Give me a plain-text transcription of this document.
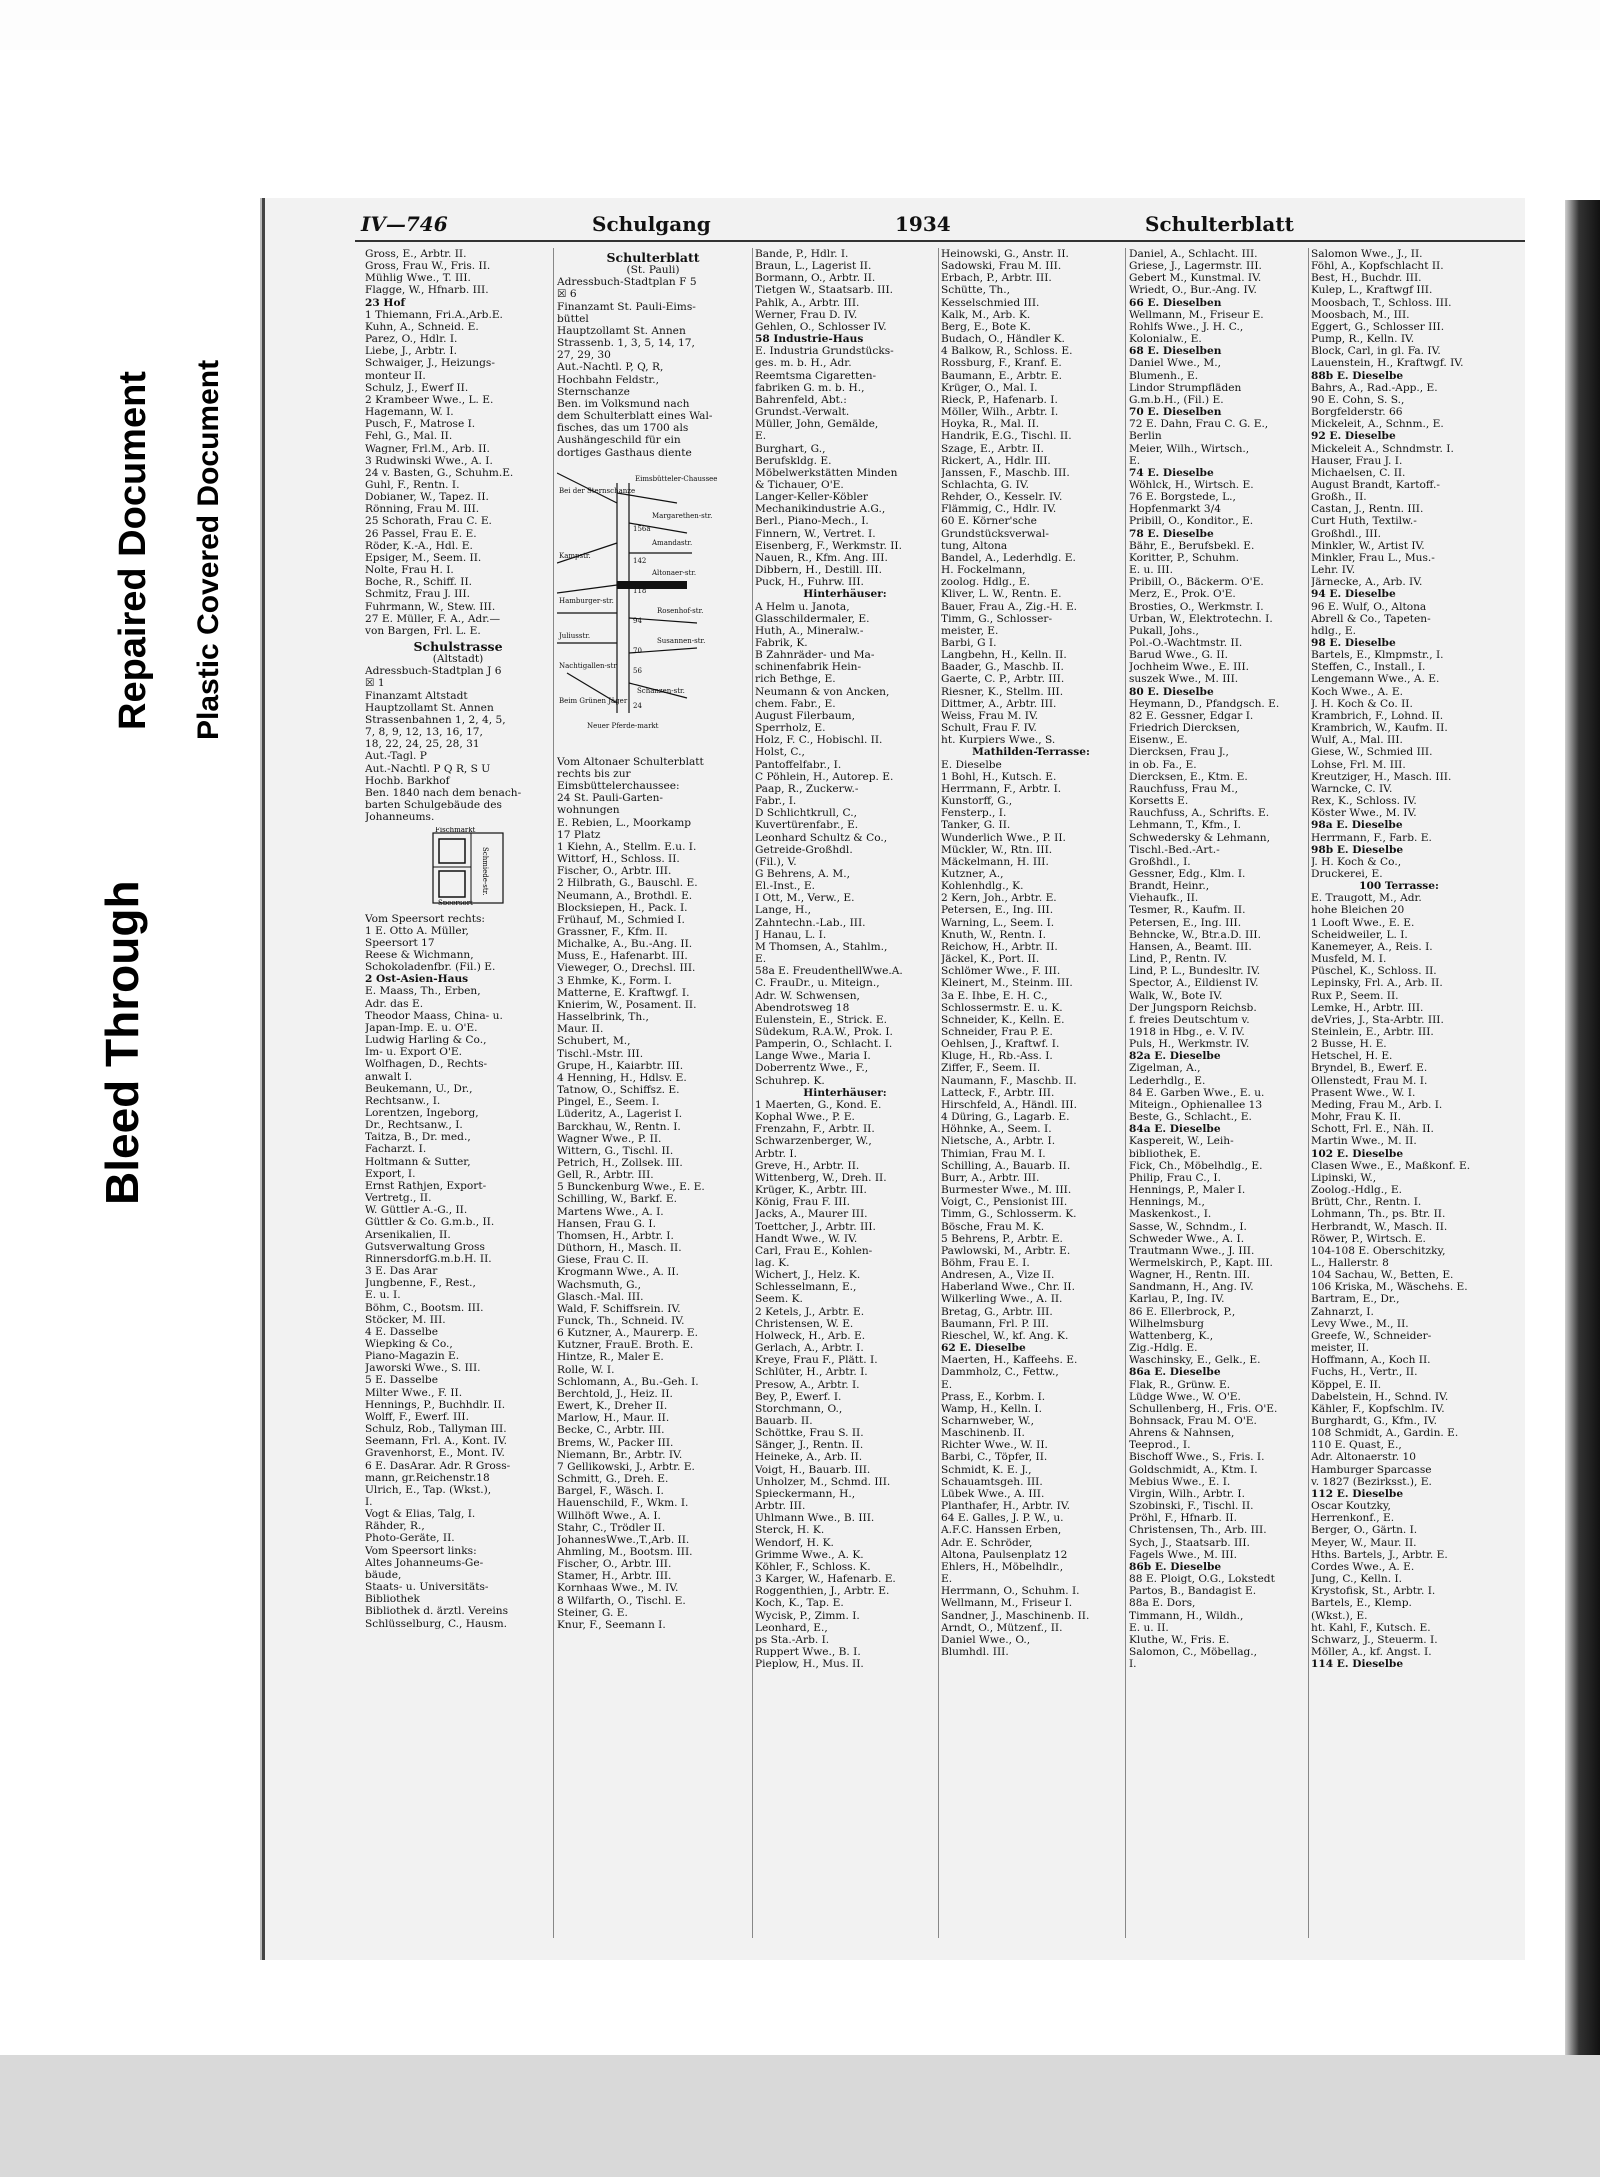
Bleed Through
Repaired Document Plastic Covered Document
IV—746	Schulgang	1934	Schulterblatt
Gross, E., Arbtr. II.
Gross, Frau W., Fris. II.
Mühlig Wwe., T. III.
Flagge, W., Hfnarb. III.
23 Hof
1 Thiemann, Fri.A.,Arb.E.
Kuhn, A., Schneid. E.
Parez, O., Hdlr. I.
Liebe, J., Arbtr. I.
Schwaiger, J., Heizungs-
monteur II.
Schulz, J., Ewerf II.
2 Krambeer Wwe., L. E.
Hagemann, W. I.
Pusch, F., Matrose I.
Fehl, G., Mal. II.
Wagner, Frl.M., Arb. II.
3 Rudwinski Wwe., A. I.
24 v. Basten, G., Schuhm.E.
Guhl, F., Rentn. I.
Dobianer, W., Tapez. II.
Rönning, Frau M. III.
25 Schorath, Frau C. E.
26 Passel, Frau E. E.
Röder, K.-A., Hdl. E.
Epsiger, M., Seem. II.
Nolte, Frau H. I.
Boche, R., Schiff. II.
Schmitz, Frau J. III.
Fuhrmann, W., Stew. III.
27 E. Müller, F. A., Adr.—
von Bargen, Frl. L. E.
Schulstrasse
(Altstadt)
Adressbuch-Stadtplan J 6
☒ 1
Finanzamt Altstadt
Hauptzollamt St. Annen
Strassenbahnen 1, 2, 4, 5,
7, 8, 9, 12, 13, 16, 17,
18, 22, 24, 25, 28, 31
Aut.-Tagl. P
Aut.-Nachtl. P Q R, S U
Hochb. Barkhof
Ben. 1840 nach dem benach-
barten Schulgebäude des
Johanneums.
Fischmarkt
Schmiede-str.
Speersort
Vom Speersort rechts:
1 E. Otto A. Müller,
Speersort 17
Reese & Wichmann,
Schokoladenfbr. (Fil.) E.
2 Ost-Asien-Haus
E. Maass, Th., Erben,
Adr. das E.
Theodor Maass, China- u.
Japan-Imp. E. u. O'E.
Ludwig Harling & Co.,
Im- u. Export O'E.
Wolfhagen, D., Rechts-
anwalt I.
Beukemann, U., Dr.,
Rechtsanw., I.
Lorentzen, Ingeborg,
Dr., Rechtsanw., I.
Taitza, B., Dr. med.,
Facharzt. I.
Holtmann & Sutter,
Export, I.
Ernst Rathjen, Export-
Vertretg., II.
W. Güttler A.-G., II.
Güttler & Co. G.m.b., II.
Arsenikalien, II.
Gutsverwaltung Gross
RinnersdorfG.m.b.H. II.
3 E. Das Arar
Jungbenne, F., Rest.,
E. u. I.
Böhm, C., Bootsm. III.
Stöcker, M. III.
4 E. Dasselbe
Wiepking & Co.,
Piano-Magazin E.
Jaworski Wwe., S. III.
5 E. Dasselbe
Milter Wwe., F. II.
Hennings, P., Buchhdlr. II.
Wolff, F., Ewerf. III.
Schulz, Rob., Tallyman III.
Seemann, Frl. A., Kont. IV.
Gravenhorst, E., Mont. IV.
6 E. DasArar. Adr. R Gross-
mann, gr.Reichenstr.18
Ulrich, E., Tap. (Wkst.),
I.
Vogt & Elias, Talg, I.
Rähder, R.,
Photo-Geräte, II.
Vom Speersort links:
Altes Johanneums-Ge-
bäude,
Staats- u. Universitäts-
Bibliothek
Bibliothek d. ärztl. Vereins
Schlüsselburg, C., Hausm.
Schulterblatt
(St. Pauli)
Adressbuch-Stadtplan F 5
☒ 6
Finanzamt St. Pauli-Eims-
büttel
Hauptzollamt St. Annen
Strassenb. 1, 3, 5, 14, 17,
27, 29, 30
Aut.-Nachtl. P, Q, R,
Hochbahn Feldstr.,
Sternschanze
Ben. im Volksmund nach
dem Schulterblatt eines Wal-
fisches, das um 1700 als
Aushängeschild für ein
dortiges Gasthaus diente
Eimsbütteler-Chaussee
Margarethen-str.
Amandastr.
Altonaer-str.
Rosenhof-str.
Susannen-str.
Juliusstr.
Nachtigallen-str.
Schanzen-str.
Neuer Pferde-markt
Bei der Sternschanze
Kampstr.
156a
142
118
94
70
56
24
Hamburger-str.
Beim Grünen Jäger
Vom Altonaer Schulterblatt
rechts bis zur
Eimsbüttelerchaussee:
24 St. Pauli-Garten-
wohnungen
E. Rebien, L., Moorkamp
17 Platz
1 Kiehn, A., Stellm. E.u. I.
Wittorf, H., Schloss. II.
Fischer, O., Arbtr. III.
2 Hilbrath, G., Bauschl. E.
Neumann, A., Brothdl. E.
Blocksiepen, H., Pack. I.
Frühauf, M., Schmied I.
Grassner, F., Kfm. II.
Michalke, A., Bu.-Ang. II.
Muss, E., Hafenarbt. III.
Vieweger, O., Drechsl. III.
3 Ehmke, K., Form. I.
Matterne, E. Kraftwgf. I.
Knierim, W., Posament. II.
Hasselbrink, Th.,
Maur. II.
Schubert, M.,
Tischl.-Mstr. III.
Grupe, H., Kaiarbtr. III.
4 Henning, H., Hdlsv. E.
Tatnow, O., Schiffsz. E.
Pingel, E., Seem. I.
Lüderitz, A., Lagerist I.
Barckhau, W., Rentn. I.
Wagner Wwe., P. II.
Wittern, G., Tischl. II.
Petrich, H., Zollsek. III.
Gell, R., Arbtr. III.
5 Bunckenburg Wwe., E. E.
Schilling, W., Barkf. E.
Martens Wwe., A. I.
Hansen, Frau G. I.
Thomsen, H., Arbtr. I.
Düthorn, H., Masch. II.
Giese, Frau C. II.
Krogmann Wwe., A. II.
Wachsmuth, G.,
Glasch.-Mal. III.
Wald, F. Schiffsrein. IV.
Funck, Th., Schneid. IV.
6 Kutzner, A., Maurerp. E.
Kutzner, FrauE. Broth. E.
Hintze, R., Maler E.
Rolle, W. I.
Schlomann, A., Bu.-Geh. I.
Berchtold, J., Heiz. II.
Ewert, K., Dreher II.
Marlow, H., Maur. II.
Becke, C., Arbtr. III.
Brems, W., Packer III.
Niemann, Br., Arbtr. IV.
7 Gellikowski, J., Arbtr. E.
Schmitt, G., Dreh. E.
Bargel, F., Wäsch. I.
Hauenschild, F., Wkm. I.
Willhöft Wwe., A. I.
Stahr, C., Trödler II.
JohannesWwe.,T.,Arb. II.
Ahmling, M., Bootsm. III.
Fischer, O., Arbtr. III.
Stamer, H., Arbtr. III.
Kornhaas Wwe., M. IV.
8 Wilfarth, O., Tischl. E.
Steiner, G. E.
Knur, F., Seemann I.
Bande, P., Hdlr. I.
Braun, L., Lagerist II.
Bormann, O., Arbtr. II.
Tietgen W., Staatsarb. III.
Pahlk, A., Arbtr. III.
Werner, Frau D. IV.
Gehlen, O., Schlosser IV.
58 Industrie-Haus
E. Industria Grundstücks-
ges. m. b. H., Adr.
Reemtsma Cigaretten-
fabriken G. m. b. H.,
Bahrenfeld, Abt.:
Grundst.-Verwalt.
Müller, John, Gemälde,
E.
Burghart, G.,
Berufskldg. E.
Möbelwerkstätten Minden
& Tichauer, O'E.
Langer-Keller-Köbler
Mechanikindustrie A.G.,
Berl., Piano-Mech., I.
Finnern, W., Vertret. I.
Eisenberg, F., Werkmstr. II.
Nauen, R., Kfm. Ang. III.
Dibbern, H., Destill. III.
Puck, H., Fuhrw. III.
Hinterhäuser:
A Helm u. Janota,
Glasschildermaler, E.
Huth, A., Mineralw.-
Fabrik, K.
B Zahnräder- und Ma-
schinenfabrik Hein-
rich Bethge, E.
Neumann & von Ancken,
chem. Fabr., E.
August Filerbaum,
Sperrholz, E.
Holz, F. C., Hobischl. II.
Holst, C.,
Pantoffelfabr., I.
C Pöhlein, H., Autorep. E.
Paap, R., Zuckerw.-
Fabr., I.
D Schlichtkrull, C.,
Kuvertürenfabr., E.
Leonhard Schultz & Co.,
Getreide-Großhdl.
(Fil.), V.
G Behrens, A. M.,
El.-Inst., E.
I Ott, M., Verw., E.
Lange, H.,
Zahntechn.-Lab., III.
J Hanau, L. I.
M Thomsen, A., Stahlm.,
E.
58a E. FreudenthellWwe.A.
C. FrauDr., u. Miteign.,
Adr. W. Schwensen,
Abendrotsweg 18
Eulenstein, E., Strick. E.
Südekum, R.A.W., Prok. I.
Pamperin, O., Schlacht. I.
Lange Wwe., Maria I.
Doberrentz Wwe., F.,
Schuhrep. K.
Hinterhäuser:
1 Maerten, G., Kond. E.
Kophal Wwe., P. E.
Frenzahn, F., Arbtr. II.
Schwarzenberger, W.,
Arbtr. I.
Greve, H., Arbtr. II.
Wittenberg, W., Dreh. II.
Krüger, K., Arbtr. III.
König, Frau F. III.
Jacks, A., Maurer III.
Toettcher, J., Arbtr. III.
Handt Wwe., W. IV.
Carl, Frau E., Kohlen-
lag. K.
Wichert, J., Helz. K.
Schlesselmann, E.,
Seem. K.
2 Ketels, J., Arbtr. E.
Christensen, W. E.
Holweck, H., Arb. E.
Gerlach, A., Arbtr. I.
Kreye, Frau F., Plätt. I.
Schlüter, H., Arbtr. I.
Presow, A., Arbtr. I.
Bey, P., Ewerf. I.
Storchmann, O.,
Bauarb. II.
Schöttke, Frau S. II.
Sänger, J., Rentn. II.
Heineke, A., Arb. II.
Voigt, H., Bauarb. III.
Unholzer, M., Schmd. III.
Spieckermann, H.,
Arbtr. III.
Uhlmann Wwe., B. III.
Sterck, H. K.
Wendorf, H. K.
Grimme Wwe., A. K.
Köhler, F., Schloss. K.
3 Karger, W., Hafenarb. E.
Roggenthien, J., Arbtr. E.
Koch, K., Tap. E.
Wycisk, P., Zimm. I.
Leonhard, E.,
ps Sta.-Arb. I.
Ruppert Wwe., B. I.
Pieplow, H., Mus. II.
Heinowski, G., Anstr. II.
Sadowski, Frau M. III.
Erbach, P., Arbtr. III.
Schütte, Th.,
Kesselschmied III.
Kalk, M., Arb. K.
Berg, E., Bote K.
Budach, O., Händler K.
4 Balkow, R., Schloss. E.
Rossburg, F., Kranf. E.
Baumann, E., Arbtr. E.
Krüger, O., Mal. I.
Rieck, P., Hafenarb. I.
Möller, Wilh., Arbtr. I.
Hoyka, R., Mal. II.
Handrik, E.G., Tischl. II.
Szage, E., Arbtr. II.
Rickert, A., Hdlr. III.
Janssen, F., Maschb. III.
Schlachta, G. IV.
Rehder, O., Kesselr. IV.
Flämmig, C., Hdlr. IV.
60 E. Körner'sche
Grundstücksverwal-
tung, Altona
Bandel, A., Lederhdlg. E.
H. Fockelmann,
zoolog. Hdlg., E.
Kliver, L. W., Rentn. E.
Bauer, Frau A., Zig.-H. E.
Timm, G., Schlosser-
meister, E.
Barbi, G I.
Langbehn, H., Kelln. II.
Baader, G., Maschb. II.
Gaerte, C. P., Arbtr. III.
Riesner, K., Stellm. III.
Dittmer, A., Arbtr. III.
Weiss, Frau M. IV.
Schult, Frau F. IV.
ht. Kurpiers Wwe., S.
Mathilden-Terrasse:
E. Dieselbe
1 Bohl, H., Kutsch. E.
Herrmann, F., Arbtr. I.
Kunstorff, G.,
Fensterp., I.
Tanker, G. II.
Wunderlich Wwe., P. II.
Mückler, W., Rtn. III.
Mäckelmann, H. III.
Kutzner, A.,
Kohlenhdlg., K.
2 Kern, Joh., Arbtr. E.
Petersen, E., Ing. III.
Warning, L., Seem. I.
Knuth, W., Rentn. I.
Reichow, H., Arbtr. II.
Jäckel, K., Port. II.
Schlömer Wwe., F. III.
Kleinert, M., Steinm. III.
3a E. Ihbe, E. H. C.,
Schlossermstr. E. u. K.
Schneider, K., Kelln. E.
Schneider, Frau P. E.
Oehlsen, J., Kraftwf. I.
Kluge, H., Rb.-Ass. I.
Ziffer, F., Seem. II.
Naumann, F., Maschb. II.
Latteck, F., Arbtr. III.
Hirschfeld, A., Händl. III.
4 Düring, G., Lagarb. E.
Höhnke, A., Seem. I.
Nietsche, A., Arbtr. I.
Thimian, Frau M. I.
Schilling, A., Bauarb. II.
Burr, A., Arbtr. III.
Burmester Wwe., M. III.
Voigt, C., Pensionist III.
Timm, G., Schlosserm. K.
Bösche, Frau M. K.
5 Behrens, P., Arbtr. E.
Pawlowski, M., Arbtr. E.
Böhm, Frau E. I.
Andresen, A., Vize II.
Haberland Wwe., Chr. II.
Wilkerling Wwe., A. II.
Bretag, G., Arbtr. III.
Baumann, Frl. P. III.
Rieschel, W., kf. Ang. K.
62 E. Dieselbe
Maerten, H., Kaffeehs. E.
Dammholz, C., Fettw.,
E.
Prass, E., Korbm. I.
Wamp, H., Kelln. I.
Scharnweber, W.,
Maschinenb. II.
Richter Wwe., W. II.
Barbi, C., Töpfer, II.
Schmidt, K. E. J.,
Schauamtsgeh. III.
Lübek Wwe., A. III.
Planthafer, H., Arbtr. IV.
64 E. Galles, J. P. W., u.
A.F.C. Hanssen Erben,
Adr. E. Schröder,
Altona, Paulsenplatz 12
Ehlers, H., Möbelhdlr.,
E.
Herrmann, O., Schuhm. I.
Wellmann, M., Friseur I.
Sandner, J., Maschinenb. II.
Arndt, O., Mützenf., II.
Daniel Wwe., O.,
Blumhdl. III.
Daniel, A., Schlacht. III.
Griese, J., Lagermstr. III.
Gebert M., Kunstmal. IV.
Wriedt, O., Bur.-Ang. IV.
66 E. Dieselben
Wellmann, M., Friseur E.
Rohlfs Wwe., J. H. C.,
Kolonialw., E.
68 E. Dieselben
Daniel Wwe., M.,
Blumenh., E.
Lindor Strumpfläden
G.m.b.H., (Fil.) E.
70 E. Dieselben
72 E. Dahn, Frau C. G. E.,
Berlin
Meier, Wilh., Wirtsch.,
E.
74 E. Dieselbe
Wöhlck, H., Wirtsch. E.
76 E. Borgstede, L.,
Hopfenmarkt 3/4
Pribill, O., Konditor., E.
78 E. Dieselbe
Bähr, E., Berufsbekl. E.
Koritter, P., Schuhm.
E. u. III.
Pribill, O., Bäckerm. O'E.
Merz, E., Prok. O'E.
Brosties, O., Werkmstr. I.
Urban, W., Elektrotechn. I.
Pukall, Johs.,
Pol.-O.-Wachtmstr. II.
Barud Wwe., G. II.
Jochheim Wwe., E. III.
suszek Wwe., M. III.
80 E. Dieselbe
Heymann, D., Pfandgsch. E.
82 E. Gessner, Edgar I.
Friedrich Diercksen,
Eisenw., E.
Diercksen, Frau J.,
in ob. Fa., E.
Diercksen, E., Ktm. E.
Rauchfuss, Frau M.,
Korsetts E.
Rauchfuss, A., Schrifts. E.
Lehmann, T., Kfm., I.
Schwedersky & Lehmann,
Tischl.-Bed.-Art.-
Großhdl., I.
Gessner, Edg., Klm. I.
Brandt, Heinr.,
Viehaufk., II.
Tesmer, R., Kaufm. II.
Petersen, E., Ing. III.
Behncke, W., Btr.a.D. III.
Hansen, A., Beamt. III.
Lind, P., Rentn. IV.
Lind, P. L., Bundesltr. IV.
Spector, A., Eildienst IV.
Walk, W., Bote IV.
Der Jungsporn Reichsb.
f. freies Deutschtum v.
1918 in Hbg., e. V. IV.
Puls, H., Werkmstr. IV.
82a E. Dieselbe
Zigelman, A.,
Lederhdlg., E.
84 E. Garben Wwe., E. u.
Miteign., Ophienallee 13
Beste, G., Schlacht., E.
84a E. Dieselbe
Kaspereit, W., Leih-
bibliothek, E.
Fick, Ch., Möbelhdlg., E.
Philip, Frau C., I.
Hennings, P., Maler I.
Hennings, M.,
Maskenkost., I.
Sasse, W., Schndm., I.
Schweder Wwe., A. I.
Trautmann Wwe., J. III.
Wermelskirch, P., Kapt. III.
Wagner, H., Rentn. III.
Sandmann, H., Ang. IV.
Karlau, P., Ing. IV.
86 E. Ellerbrock, P.,
Wilhelmsburg
Wattenberg, K.,
Zig.-Hdlg. E.
Waschinsky, E., Gelk., E.
86a E. Dieselbe
Flak, R., Grünw. E.
Lüdge Wwe., W. O'E.
Schullenberg, H., Fris. O'E.
Bohnsack, Frau M. O'E.
Ahrens & Nahnsen,
Teeprod., I.
Bischoff Wwe., S., Fris. I.
Goldschmidt, A., Ktm. I.
Mebius Wwe., E. I.
Virgin, Wilh., Arbtr. I.
Szobinski, F., Tischl. II.
Pröhl, F., Hfnarb. II.
Christensen, Th., Arb. III.
Sych, J., Staatsarb. III.
Fagels Wwe., M. III.
86b E. Dieselbe
88 E. Ploigt, O.G., Lokstedt
Partos, B., Bandagist E.
88a E. Dors,
Timmann, H., Wildh.,
E. u. II.
Kluthe, W., Fris. E.
Salomon, C., Möbellag.,
I.
Salomon Wwe., J., II.
Föhl, A., Kopfschlacht II.
Best, H., Buchdr. III.
Kulep, L., Kraftwgf III.
Moosbach, T., Schloss. III.
Moosbach, M., III.
Eggert, G., Schlosser III.
Pump, R., Kelln. IV.
Block, Carl, in gl. Fa. IV.
Lauenstein, H., Kraftwgf. IV.
88b E. Dieselbe
Bahrs, A., Rad.-App., E.
90 E. Cohn, S. S.,
Borgfelderstr. 66
Mickeleit, A., Schnm., E.
92 E. Dieselbe
Mickeleit A., Schndmstr. I.
Hauser, Frau J. I.
Michaelsen, C. II.
August Brandt, Kartoff.-
Großh., II.
Castan, J., Rentn. III.
Curt Huth, Textilw.-
Großhdl., III.
Minkler, W., Artist IV.
Minkler, Frau L., Mus.-
Lehr. IV.
Järnecke, A., Arb. IV.
94 E. Dieselbe
96 E. Wulf, O., Altona
Abrell & Co., Tapeten-
hdlg., E.
98 E. Dieselbe
Bartels, E., Klmpmstr., I.
Steffen, C., Install., I.
Lengemann Wwe., A. E.
Koch Wwe., A. E.
J. H. Koch & Co. II.
Krambrich, F., Lohnd. II.
Krambrich, W., Kaufm. II.
Wulf, A., Mal. III.
Giese, W., Schmied III.
Lohse, Frl. M. III.
Kreutziger, H., Masch. III.
Warncke, C. IV.
Rex, K., Schloss. IV.
Köster Wwe., M. IV.
98a E. Dieselbe
Herrmann, F., Farb. E.
98b E. Dieselbe
J. H. Koch & Co.,
Druckerei, E.
100 Terrasse:
E. Traugott, M., Adr.
hohe Bleichen 20
1 Looft Wwe., E. E.
Scheidweiler, L. I.
Kanemeyer, A., Reis. I.
Musfeld, M. I.
Püschel, K., Schloss. II.
Lepinsky, Frl. A., Arb. II.
Rux P., Seem. II.
Lemke, H., Arbtr. III.
deVries, J., Sta-Arbtr. III.
Steinlein, E., Arbtr. III.
2 Busse, H. E.
Hetschel, H. E.
Bryndel, B., Ewerf. E.
Ollenstedt, Frau M. I.
Prasent Wwe., W. I.
Meding, Frau M., Arb. I.
Mohr, Frau K. II.
Schott, Frl. E., Näh. II.
Martin Wwe., M. II.
102 E. Dieselbe
Clasen Wwe., E., Maßkonf. E.
Lipinski, W.,
Zoolog.-Hdlg., E.
Brütt, Chr., Rentn. I.
Lohmann, Th., ps. Btr. II.
Herbrandt, W., Masch. II.
Röwer, P., Wirtsch. E.
104-108 E. Oberschitzky,
L., Hallerstr. 8
104 Sachau, W., Betten, E.
106 Kriska, M., Wäschehs. E.
Bartram, E., Dr.,
Zahnarzt, I.
Levy Wwe., M., II.
Greefe, W., Schneider-
meister, II.
Hoffmann, A., Koch II.
Fuchs, H., Vertr., II.
Köppel, E. II.
Dabelstein, H., Schnd. IV.
Kähler, F., Kopfschlm. IV.
Burghardt, G., Kfm., IV.
108 Schmidt, A., Gardin. E.
110 E. Quast, E.,
Adr. Altonaerstr. 10
Hamburger Sparcasse
v. 1827 (Bezirksst.), E.
112 E. Dieselbe
Oscar Koutzky,
Herrenkonf., E.
Berger, O., Gärtn. I.
Meyer, W., Maur. II.
Hths. Bartels, J., Arbtr. E.
Cordes Wwe., A. E.
Jung, C., Kelln. I.
Krystofisk, St., Arbtr. I.
Bartels, E., Klemp.
(Wkst.), E.
ht. Kahl, F., Kutsch. E.
Schwarz, J., Steuerm. I.
Möller, A., kf. Angst. I.
114 E. Dieselbe
